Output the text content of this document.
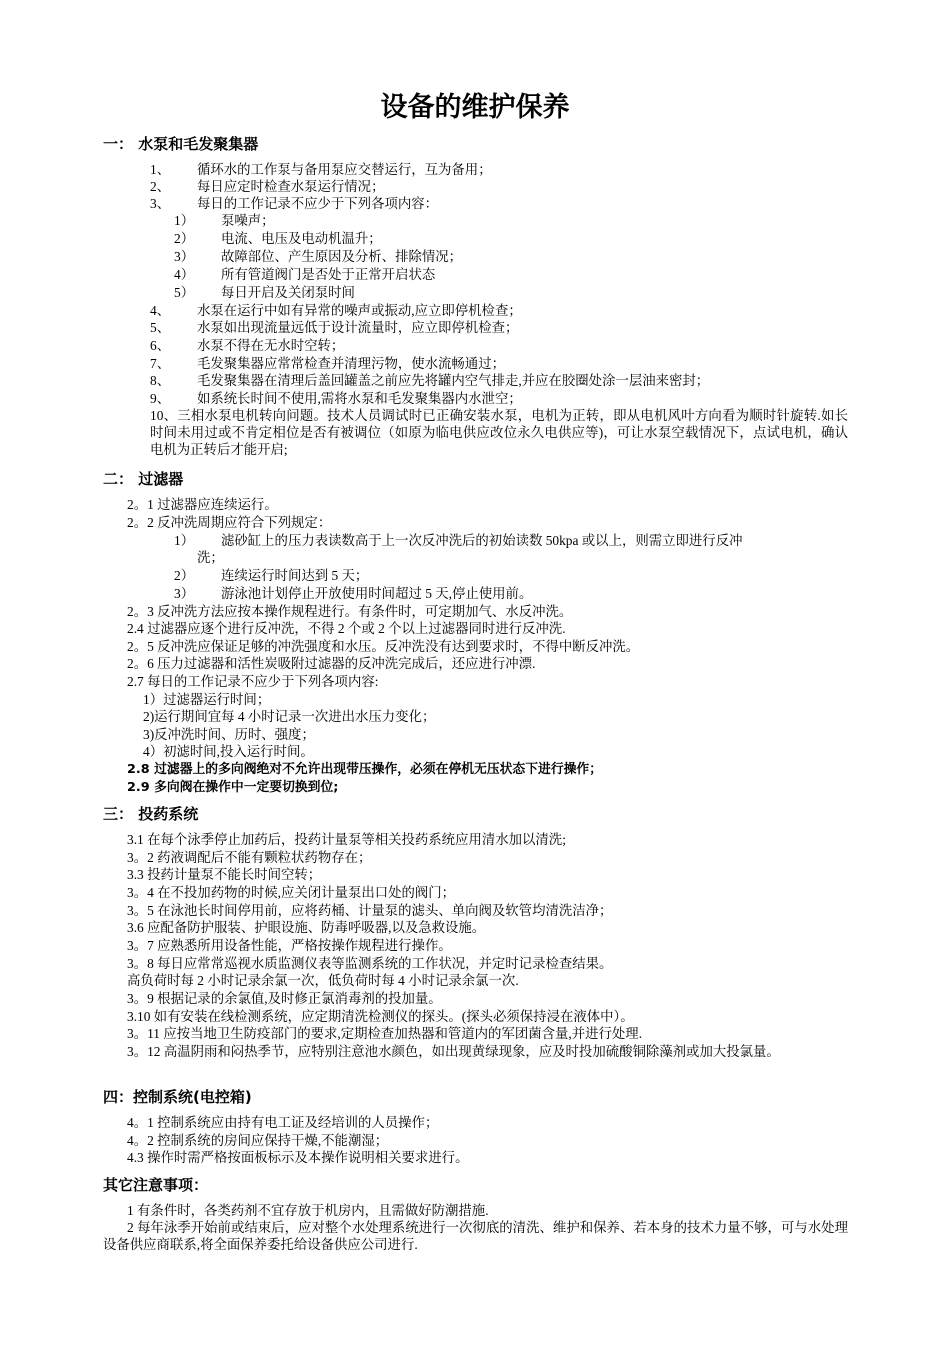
设备的维护保养
一： 水泵和毛发聚集器
1、 循环水的工作泵与备用泵应交替运行，互为备用；
2、 每日应定时检查水泵运行情况；
3、 每日的工作记录不应少于下列各项内容：
1） 泵噪声；
2） 电流、电压及电动机温升；
3） 故障部位、产生原因及分析、排除情况；
4） 所有管道阀门是否处于正常开启状态
5） 每日开启及关闭泵时间
4、 水泵在运行中如有异常的噪声或振动,应立即停机检查；
5、 水泵如出现流量远低于设计流量时，应立即停机检查；
6、 水泵不得在无水时空转；
7、 毛发聚集器应常常检查并清理污物，使水流畅通过；
8、 毛发聚集器在清理后盖回罐盖之前应先将罐内空气排走,并应在胶圈处涂一层油来密封；
9、 如系统长时间不使用,需将水泵和毛发聚集器内水泄空；
10、三相水泵电机转向问题。技术人员调试时已正确安装水泵，电机为正转，即从电机风叶方向看为顺时针旋转.如长时间未用过或不肯定相位是否有被调位（如原为临电供应改位永久电供应等)，可让水泵空载情况下，点试电机，确认电机为正转后才能开启;
二： 过滤器
2。1 过滤器应连续运行。
2。2 反冲洗周期应符合下列规定：
1） 滤砂缸上的压力表读数高于上一次反冲洗后的初始读数 50kpa 或以上，则需立即进行反冲
洗；
2） 连续运行时间达到 5 天；
3） 游泳池计划停止开放使用时间超过 5 天,停止使用前。
2。3 反冲洗方法应按本操作规程进行。有条件时，可定期加气、水反冲洗。
2.4 过滤器应逐个进行反冲洗，不得 2 个或 2 个以上过滤器同时进行反冲洗.
2。5 反冲洗应保证足够的冲洗强度和水压。反冲洗没有达到要求时，不得中断反冲洗。
2。6 压力过滤器和活性炭吸附过滤器的反冲洗完成后，还应进行冲漂.
2.7 每日的工作记录不应少于下列各项内容:
1）过滤器运行时间；
2)运行期间宜每 4 小时记录一次进出水压力变化；
3)反冲洗时间、历时、强度；
4）初滤时间,投入运行时间。
2.8 过滤器上的多向阀绝对不允许出现带压操作，必须在停机无压状态下进行操作；
2.9 多向阀在操作中一定要切换到位;
三： 投药系统
3.1 在每个泳季停止加药后，投药计量泵等相关投药系统应用清水加以清洗;
3。2 药液调配后不能有颗粒状药物存在；
3.3 投药计量泵不能长时间空转；
3。4 在不投加药物的时候,应关闭计量泵出口处的阀门；
3。5 在泳池长时间停用前，应将药桶、计量泵的滤头、单向阀及软管均清洗洁净；
3.6 应配备防护服装、护眼设施、防毒呼吸器,以及急救设施。
3。7 应熟悉所用设备性能，严格按操作规程进行操作。
3。8 每日应常常巡视水质监测仪表等监测系统的工作状况，并定时记录检查结果。
高负荷时每 2 小时记录余氯一次，低负荷时每 4 小时记录余氯一次.
3。9 根据记录的余氯值,及时修正氯消毒剂的投加量。
3.10 如有安装在线检测系统，应定期清洗检测仪的探头。(探头必须保持浸在液体中）。
3。11 应按当地卫生防疫部门的要求,定期检查加热器和管道内的军团菌含量,并进行处理.
3。12 高温阴雨和闷热季节，应特别注意池水颜色，如出现黄绿现象，应及时投加硫酸铜除藻剂或加大投氯量。
四：控制系统(电控箱)
4。1 控制系统应由持有电工证及经培训的人员操作；
4。2 控制系统的房间应保持干燥,不能潮湿；
4.3 操作时需严格按面板标示及本操作说明相关要求进行。
其它注意事项：
1 有条件时，各类药剂不宜存放于机房内，且需做好防潮措施.
2 每年泳季开始前或结束后，应对整个水处理系统进行一次彻底的清洗、维护和保养、若本身的技术力量不够，可与水处理设备供应商联系,将全面保养委托给设备供应公司进行.
